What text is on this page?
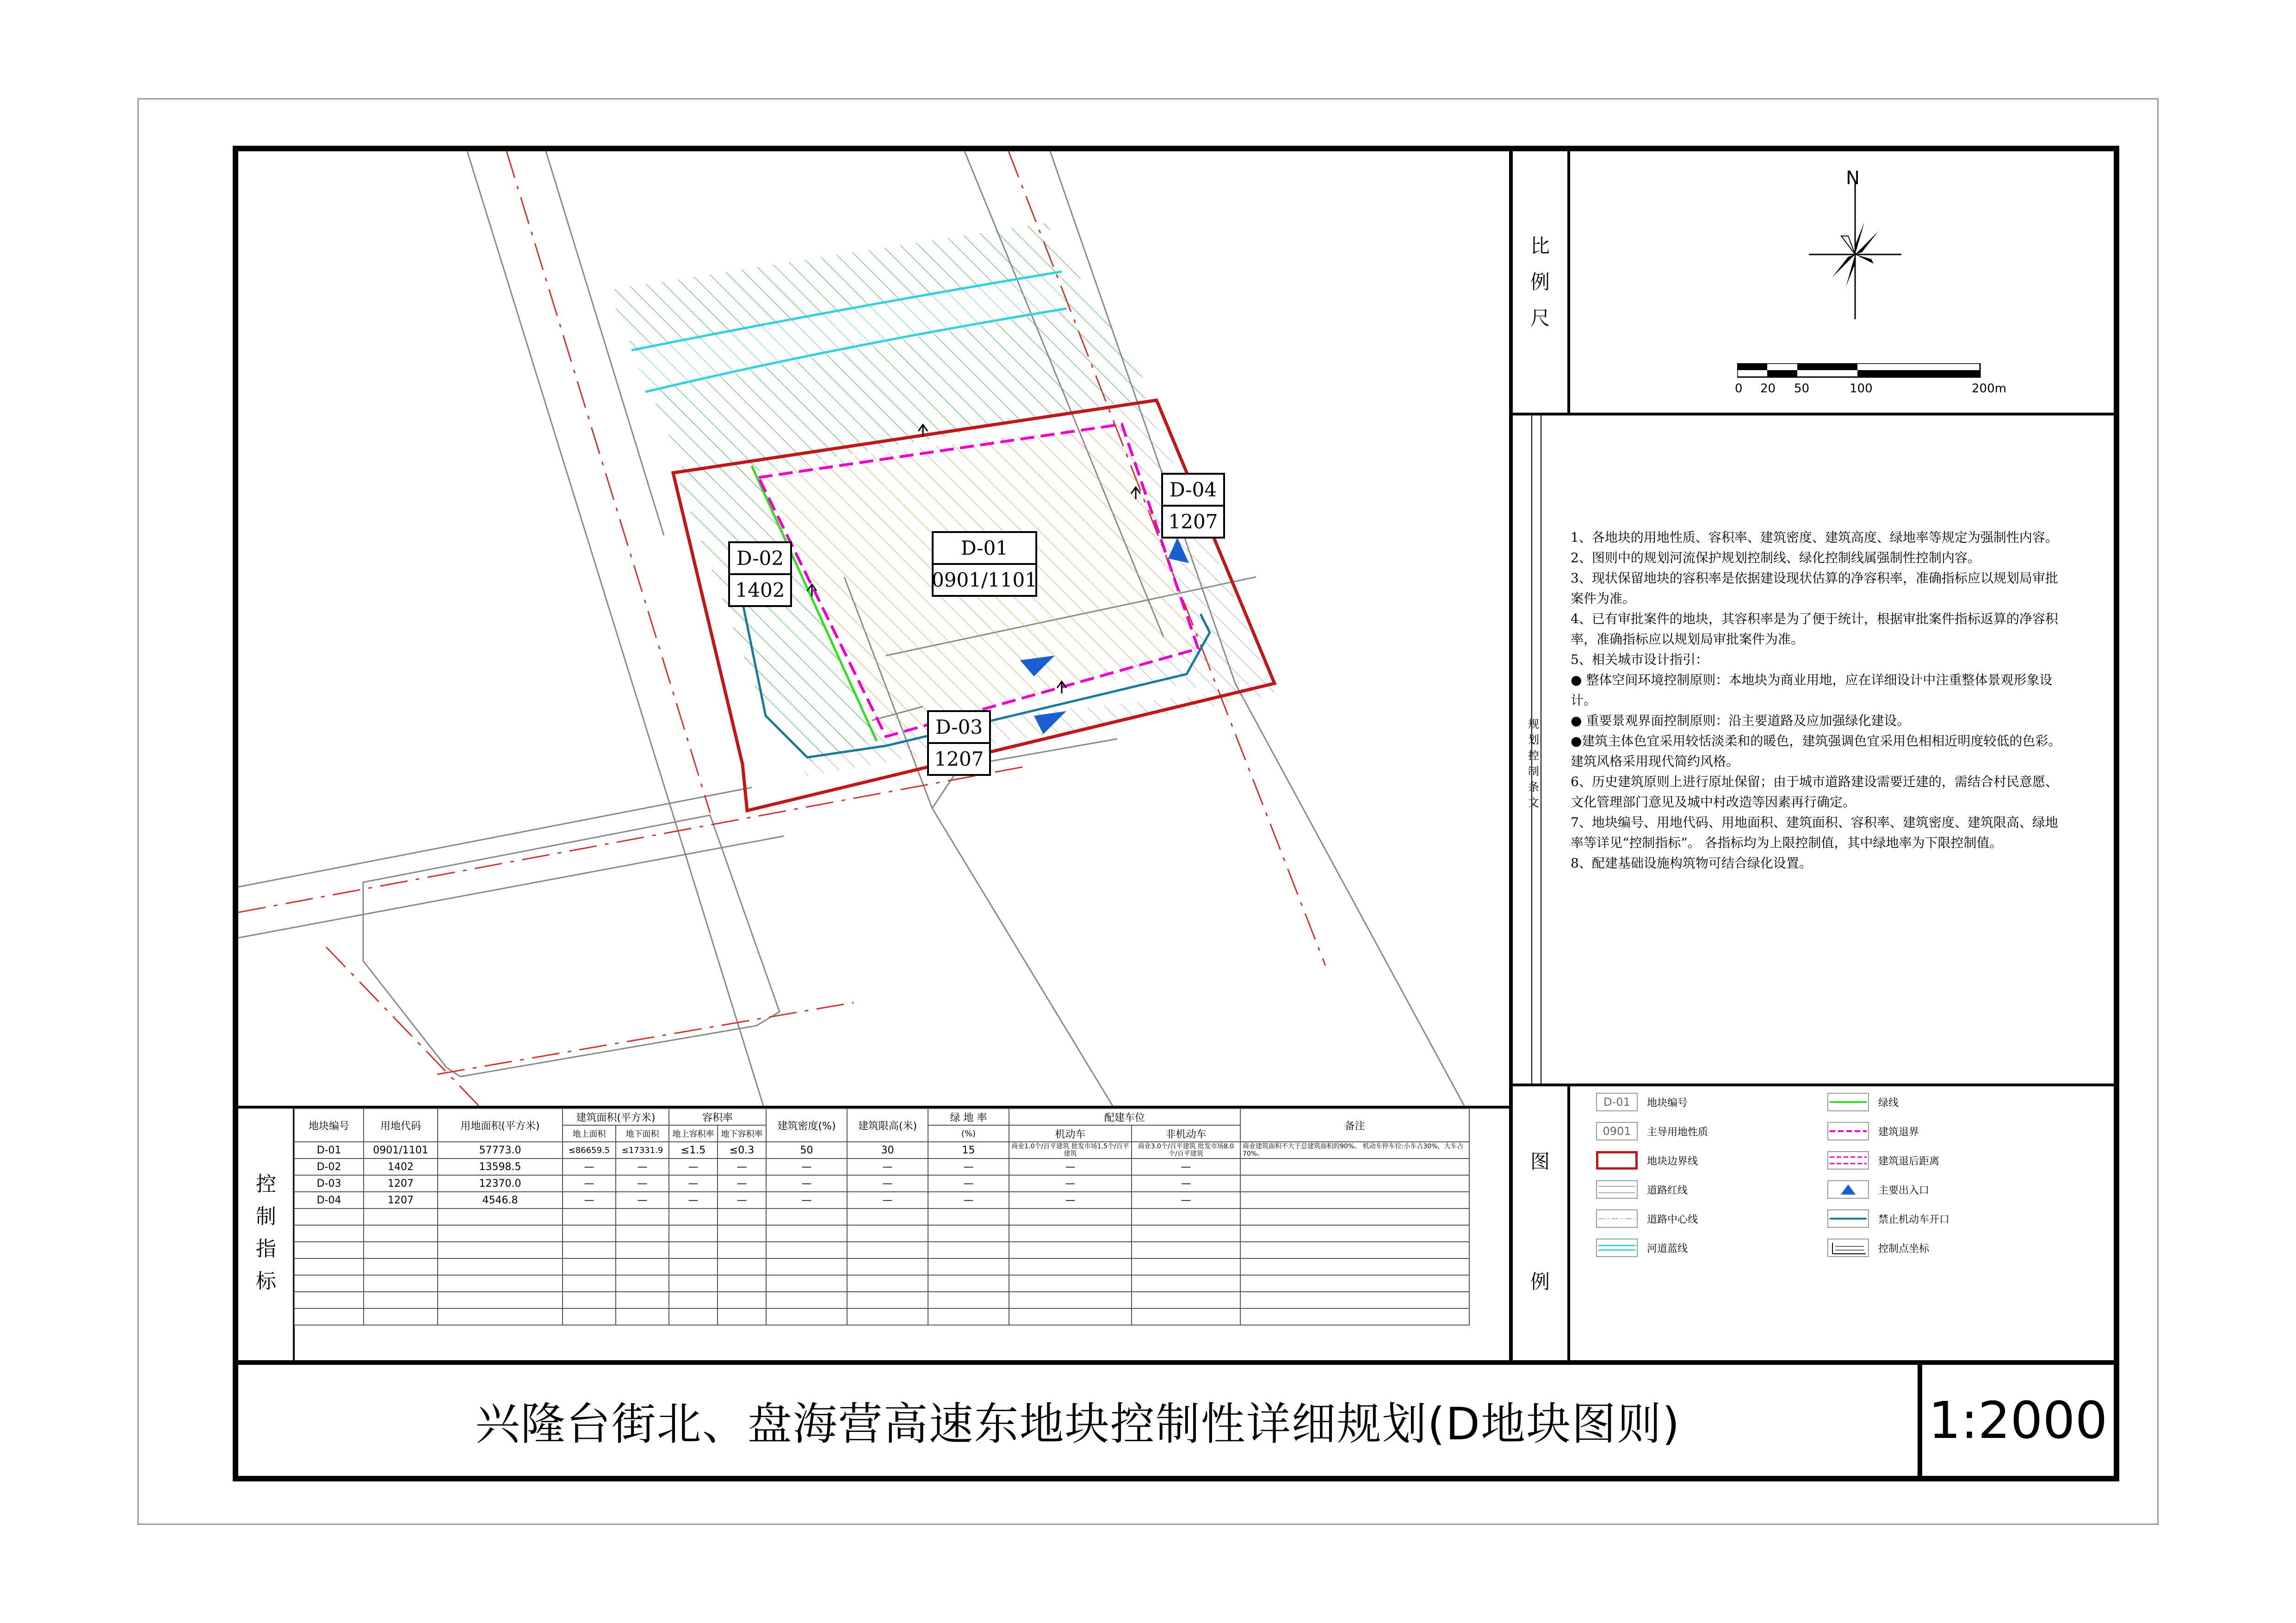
D-01
0901/1101
D-02
1402
D-03
1207
D-04
1207
比
例
尺
N
0 20 50	100	200m
规
划
控
制
条
文

1、各地块的用地性质、容积率、建筑密度、建筑高度、绿地率等规定为强制性内容。

2、图则中的规划河流保护规划控制线、绿化控制线属强制性控制内容。

3、现状保留地块的容积率是依据建设现状估算的净容积率，准确指标应以规划局审批案件为准。

4、已有审批案件的地块，其容积率是为了便于统计，根据审批案件指标返算的净容积率，准确指标应以规划局审批案件为准。

5、相关城市设计指引：

● 整体空间环境控制原则：本地块为商业用地，应在详细设计中注重整体景观形象设计。

● 重要景观界面控制原则：沿主要道路及应加强绿化建设。

●建筑主体色宜采用较恬淡柔和的暖色，建筑强调色宜采用色相相近明度较低的色彩。建筑风格采用现代简约风格。

6、历史建筑原则上进行原址保留；由于城市道路建设需要迁建的，需结合村民意愿、文化管理部门意见及城中村改造等因素再行确定。

7、地块编号、用地代码、用地面积、建筑面积、容积率、建筑密度、建筑限高、绿地率等详见“控制指标”。 各指标均为上限控制值，其中绿地率为下限控制值。

8、配建基础设施构筑物可结合绿化设置。

图
例
D-01	地块编号
0901	主导用地性质
地块边界线
道路红线
道路中心线
河道蓝线
绿线
建筑退界
建筑退后距离
主要出入口
禁止机动车开口
控制点坐标
控
制
指
标
地块编号	用地代码	用地面积(平方米)	建筑面积(平方米)		容积率		建筑密度(%)	建筑限高(米)	绿 地 率	配建车位		备注
			地上面积	地下面积	地上容积率	地下容积率			(%)	机动车	非机动车	
D-01	0901/1101	57773.0	≤86659.5	≤17331.9	≤1.5	≤0.3	50	30	15	商业1.0个/百平建筑 批发市场1.5个/百平建筑	商业3.0个/百平建筑 批发市场8.0个/百平建筑	商业建筑面积不大于总建筑面积的90%。 机动车停车位:小车占30%，大车占70%。
D-02	1402	13598.5	—	—	—	—	—	—	—	—	—	
D-03	1207	12370.0	—	—	—	—	—	—	—	—	—	
D-04	1207	4546.8	—	—	—	—	—	—	—	—	—	

兴隆台街北、盘海营高速东地块控制性详细规划(D地块图则)	1:2000
